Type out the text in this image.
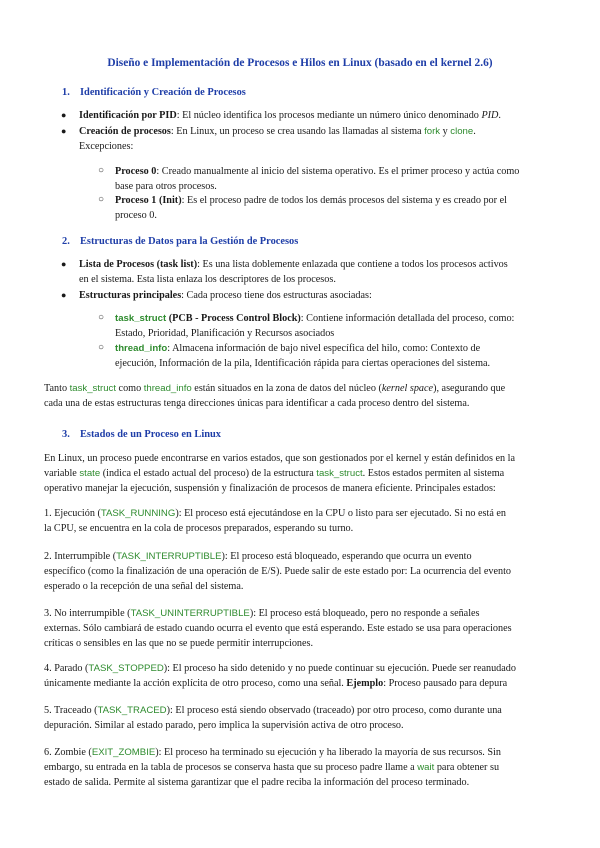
Diseño e Implementación de Procesos e Hilos en Linux (basado en el kernel 2.6)
1. Identificación y Creación de Procesos
● Identificación por PID: El núcleo identifica los procesos mediante un número único denominado PID.
● Creación de procesos: En Linux, un proceso se crea usando las llamadas al sistema fork y clone.
Excepciones:
○ Proceso 0: Creado manualmente al inicio del sistema operativo. Es el primer proceso y actúa como
base para otros procesos.
○ Proceso 1 (Init): Es el proceso padre de todos los demás procesos del sistema y es creado por el
proceso 0.
2. Estructuras de Datos para la Gestión de Procesos
● Lista de Procesos (task list): Es una lista doblemente enlazada que contiene a todos los procesos activos
en el sistema. Esta lista enlaza los descriptores de los procesos.
● Estructuras principales: Cada proceso tiene dos estructuras asociadas:
○ task_struct (PCB - Process Control Block): Contiene información detallada del proceso, como:
Estado, Prioridad, Planificación y Recursos asociados
○ thread_info: Almacena información de bajo nivel específica del hilo, como: Contexto de
ejecución, Información de la pila, Identificación rápida para ciertas operaciones del sistema.
Tanto task_struct como thread_info están situados en la zona de datos del núcleo (kernel space), asegurando que
cada una de estas estructuras tenga direcciones únicas para identificar a cada proceso dentro del sistema.
3. Estados de un Proceso en Linux
En Linux, un proceso puede encontrarse en varios estados, que son gestionados por el kernel y están definidos en la
variable state (indica el estado actual del proceso) de la estructura task_struct. Estos estados permiten al sistema
operativo manejar la ejecución, suspensión y finalización de procesos de manera eficiente. Principales estados:
1. Ejecución (TASK_RUNNING): El proceso está ejecutándose en la CPU o listo para ser ejecutado. Si no está en
la CPU, se encuentra en la cola de procesos preparados, esperando su turno.
2. Interrumpible (TASK_INTERRUPTIBLE): El proceso está bloqueado, esperando que ocurra un evento
específico (como la finalización de una operación de E/S). Puede salir de este estado por: La ocurrencia del evento
esperado o la recepción de una señal del sistema.
3. No interrumpible (TASK_UNINTERRUPTIBLE): El proceso está bloqueado, pero no responde a señales
externas. Sólo cambiará de estado cuando ocurra el evento que está esperando. Este estado se usa para operaciones
críticas o sensibles en las que no se puede permitir interrupciones.
4. Parado (TASK_STOPPED): El proceso ha sido detenido y no puede continuar su ejecución. Puede ser reanudado
únicamente mediante la acción explícita de otro proceso, como una señal. Ejemplo: Proceso pausado para depura
5. Traceado (TASK_TRACED): El proceso está siendo observado (traceado) por otro proceso, como durante una
depuración. Similar al estado parado, pero implica la supervisión activa de otro proceso.
6. Zombie (EXIT_ZOMBIE): El proceso ha terminado su ejecución y ha liberado la mayoría de sus recursos. Sin
embargo, su entrada en la tabla de procesos se conserva hasta que su proceso padre llame a wait para obtener su
estado de salida. Permite al sistema garantizar que el padre reciba la información del proceso terminado.
